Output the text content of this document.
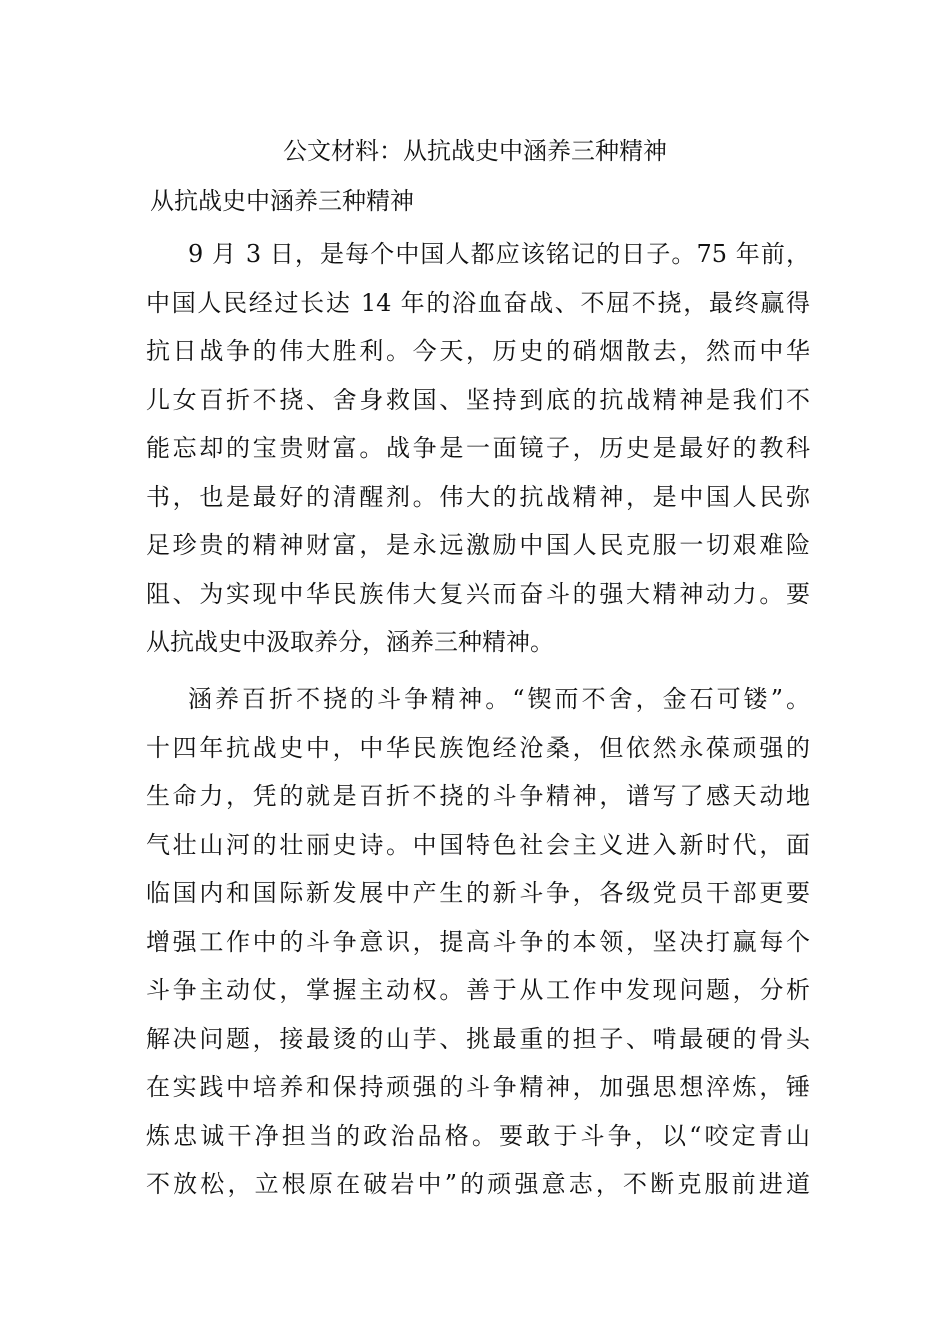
公文材料：从抗战史中涵养三种精神
从抗战史中涵养三种精神
9 月 3 日，是每个中国人都应该铭记的日子。75 年前，
中国人民经过长达 14 年的浴血奋战、不屈不挠，最终赢得
抗日战争的伟大胜利。今天，历史的硝烟散去，然而中华
儿女百折不挠、舍身救国、坚持到底的抗战精神是我们不
能忘却的宝贵财富。战争是一面镜子，历史是最好的教科
书，也是最好的清醒剂。伟大的抗战精神，是中国人民弥
足珍贵的精神财富，是永远激励中国人民克服一切艰难险
阻、为实现中华民族伟大复兴而奋斗的强大精神动力。要
从抗战史中汲取养分，涵养三种精神。
涵养百折不挠的斗争精神。“锲而不舍，金石可镂”。
十四年抗战史中，中华民族饱经沧桑，但依然永葆顽强的
生命力，凭的就是百折不挠的斗争精神，谱写了感天动地
气壮山河的壮丽史诗。中国特色社会主义进入新时代，面
临国内和国际新发展中产生的新斗争，各级党员干部更要
增强工作中的斗争意识，提高斗争的本领，坚决打赢每个
斗争主动仗，掌握主动权。善于从工作中发现问题，分析
解决问题，接最烫的山芋、挑最重的担子、啃最硬的骨头
在实践中培养和保持顽强的斗争精神，加强思想淬炼，锤
炼忠诚干净担当的政治品格。要敢于斗争，以“咬定青山
不放松，立根原在破岩中”的顽强意志，不断克服前进道
